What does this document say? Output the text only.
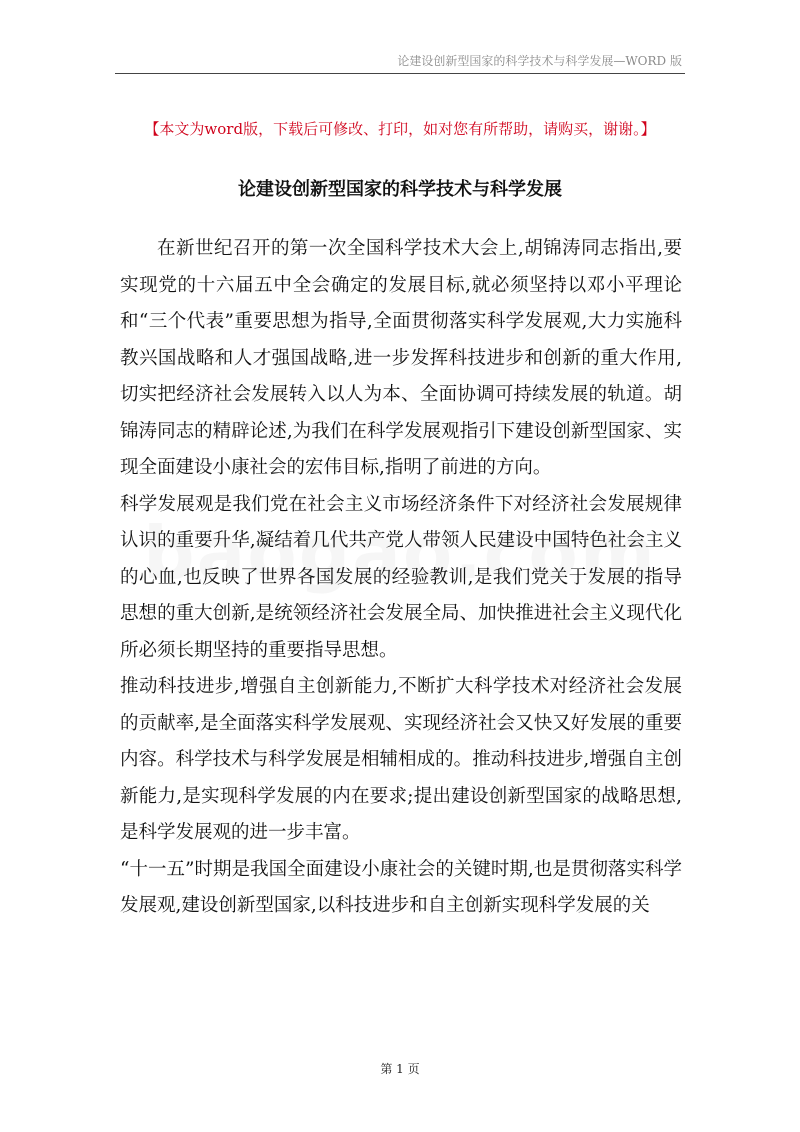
论建设创新型国家的科学技术与科学发展—WORD 版
【本文为word版，下载后可修改、打印，如对您有所帮助，请购买，谢谢。】
论建设创新型国家的科学技术与科学发展

在新世纪召开的第一次全国科学技术大会上,胡锦涛同志指出,要实现党的十六届五中全会确定的发展目标,就必须坚持以邓小平理论和“三个代表”重要思想为指导,全面贯彻落实科学发展观,大力实施科教兴国战略和人才强国战略,进一步发挥科技进步和创新的重大作用,切实把经济社会发展转入以人为本、全面协调可持续发展的轨道。胡锦涛同志的精辟论述,为我们在科学发展观指引下建设创新型国家、实现全面建设小康社会的宏伟目标,指明了前进的方向。

科学发展观是我们党在社会主义市场经济条件下对经济社会发展规律认识的重要升华,凝结着几代共产党人带领人民建设中国特色社会主义的心血,也反映了世界各国发展的经验教训,是我们党关于发展的指导思想的重大创新,是统领经济社会发展全局、加快推进社会主义现代化所必须长期坚持的重要指导思想。

推动科技进步,增强自主创新能力,不断扩大科学技术对经济社会发展的贡献率,是全面落实科学发展观、实现经济社会又快又好发展的重要内容。科学技术与科学发展是相辅相成的。推动科技进步,增强自主创新能力,是实现科学发展的内在要求;提出建设创新型国家的战略思想,是科学发展观的进一步丰富。

“十一五”时期是我国全面建设小康社会的关键时期,也是贯彻落实科学发展观,建设创新型国家,以科技进步和自主创新实现科学发展的关

第 1 页
